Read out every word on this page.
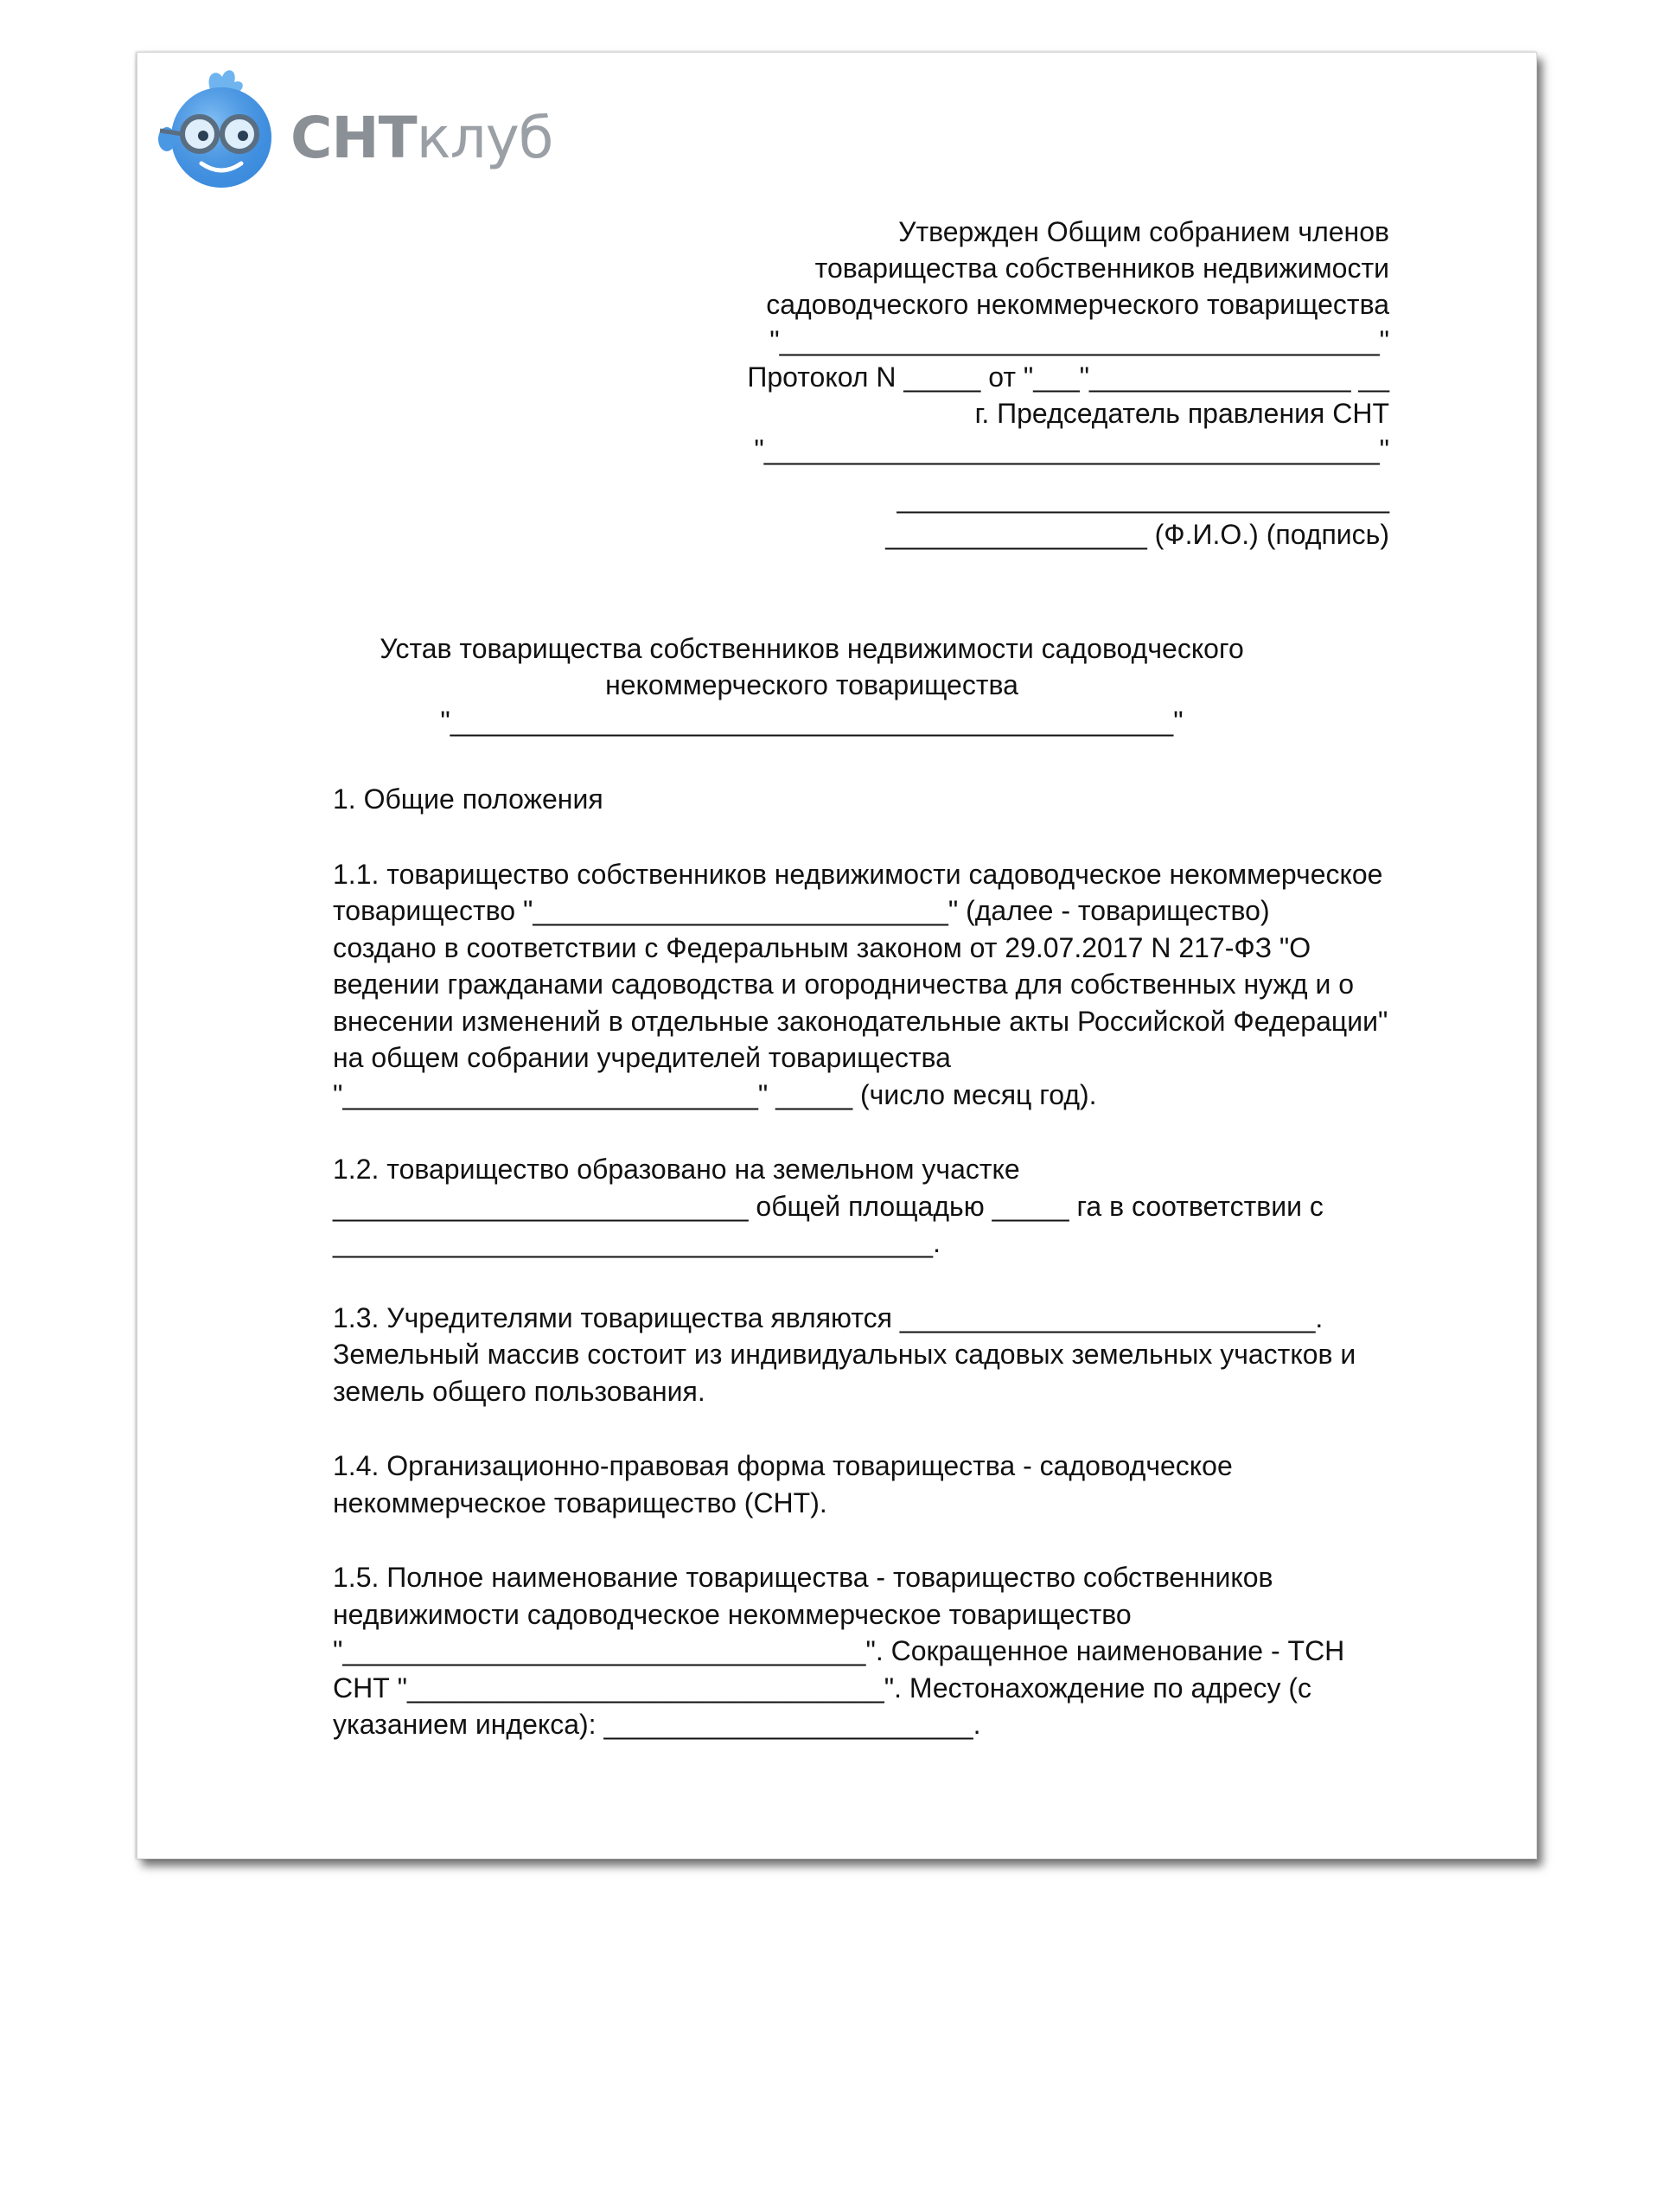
СНТклуб
Утвержден Общим собранием членов
товарищества собственников недвижимости
садоводческого некоммерческого товарищества
"_______________________________________"
Протокол N _____ от "___"_________________ __
г. Председатель правления СНТ
"________________________________________"
________________________________
_________________ (Ф.И.О.) (подпись)
Устав товарищества собственников недвижимости садоводческого
некоммерческого товарищества
"_______________________________________________"

1. Общие положения

1.1. товарищество собственников недвижимости садоводческое некоммерческое
товарищество "___________________________" (далее - товарищество)
создано в соответствии с Федеральным законом от 29.07.2017 N 217-ФЗ "О
ведении гражданами садоводства и огородничества для собственных нужд и о
внесении изменений в отдельные законодательные акты Российской Федерации"
на общем собрании учредителей товарищества
"___________________________" _____ (число месяц год).

1.2. товарищество образовано на земельном участке
___________________________ общей площадью _____ га в соответствии с
_______________________________________.

1.3. Учредителями товарищества являются ___________________________.
Земельный массив состоит из индивидуальных садовых земельных участков и
земель общего пользования.

1.4. Организационно-правовая форма товарищества - садоводческое
некоммерческое товарищество (СНТ).

1.5. Полное наименование товарищества - товарищество собственников
недвижимости садоводческое некоммерческое товарищество
"__________________________________". Сокращенное наименование - ТСН
СНТ "_______________________________". Местонахождение по адресу (с
указанием индекса): ________________________.
